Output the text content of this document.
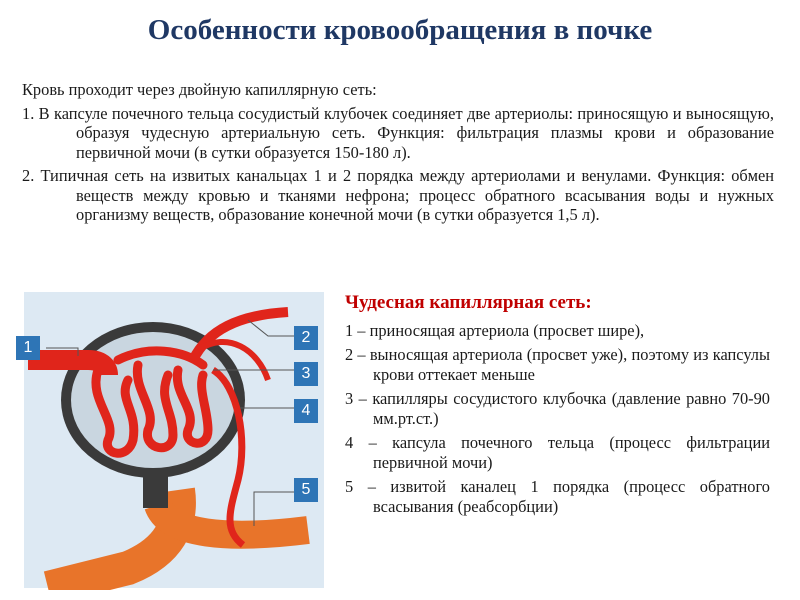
Особенности кровообращения в почке

Кровь проходит через двойную капиллярную сеть:

1. В капсуле почечного тельца сосудистый клубочек соединяет две артериолы: приносящую и выносящую, образуя чудесную артериальную сеть. Функция: фильтрация плазмы крови и образование первичной мочи (в сутки образуется 150-180 л).

2. Типичная сеть на извитых канальцах 1 и 2 порядка между артериолами и венулами. Функция: обмен веществ между кровью и тканями нефрона; процесс обратного всасывания воды и нужных организму веществ, образование конечной мочи (в сутки образуется 1,5 л).

1
2
3
4
5
Чудесная капиллярная сеть:
1 – приносящая артериола (просвет шире),
2 – выносящая артериола (просвет уже), поэтому из капсулы крови оттекает меньше
3 – капилляры сосудистого клубочка (давление равно 70-90 мм.рт.ст.)
4 – капсула почечного тельца (процесс фильтрации первичной мочи)
5 – извитой каналец 1 порядка (процесс обратного всасывания (реабсорбции)
